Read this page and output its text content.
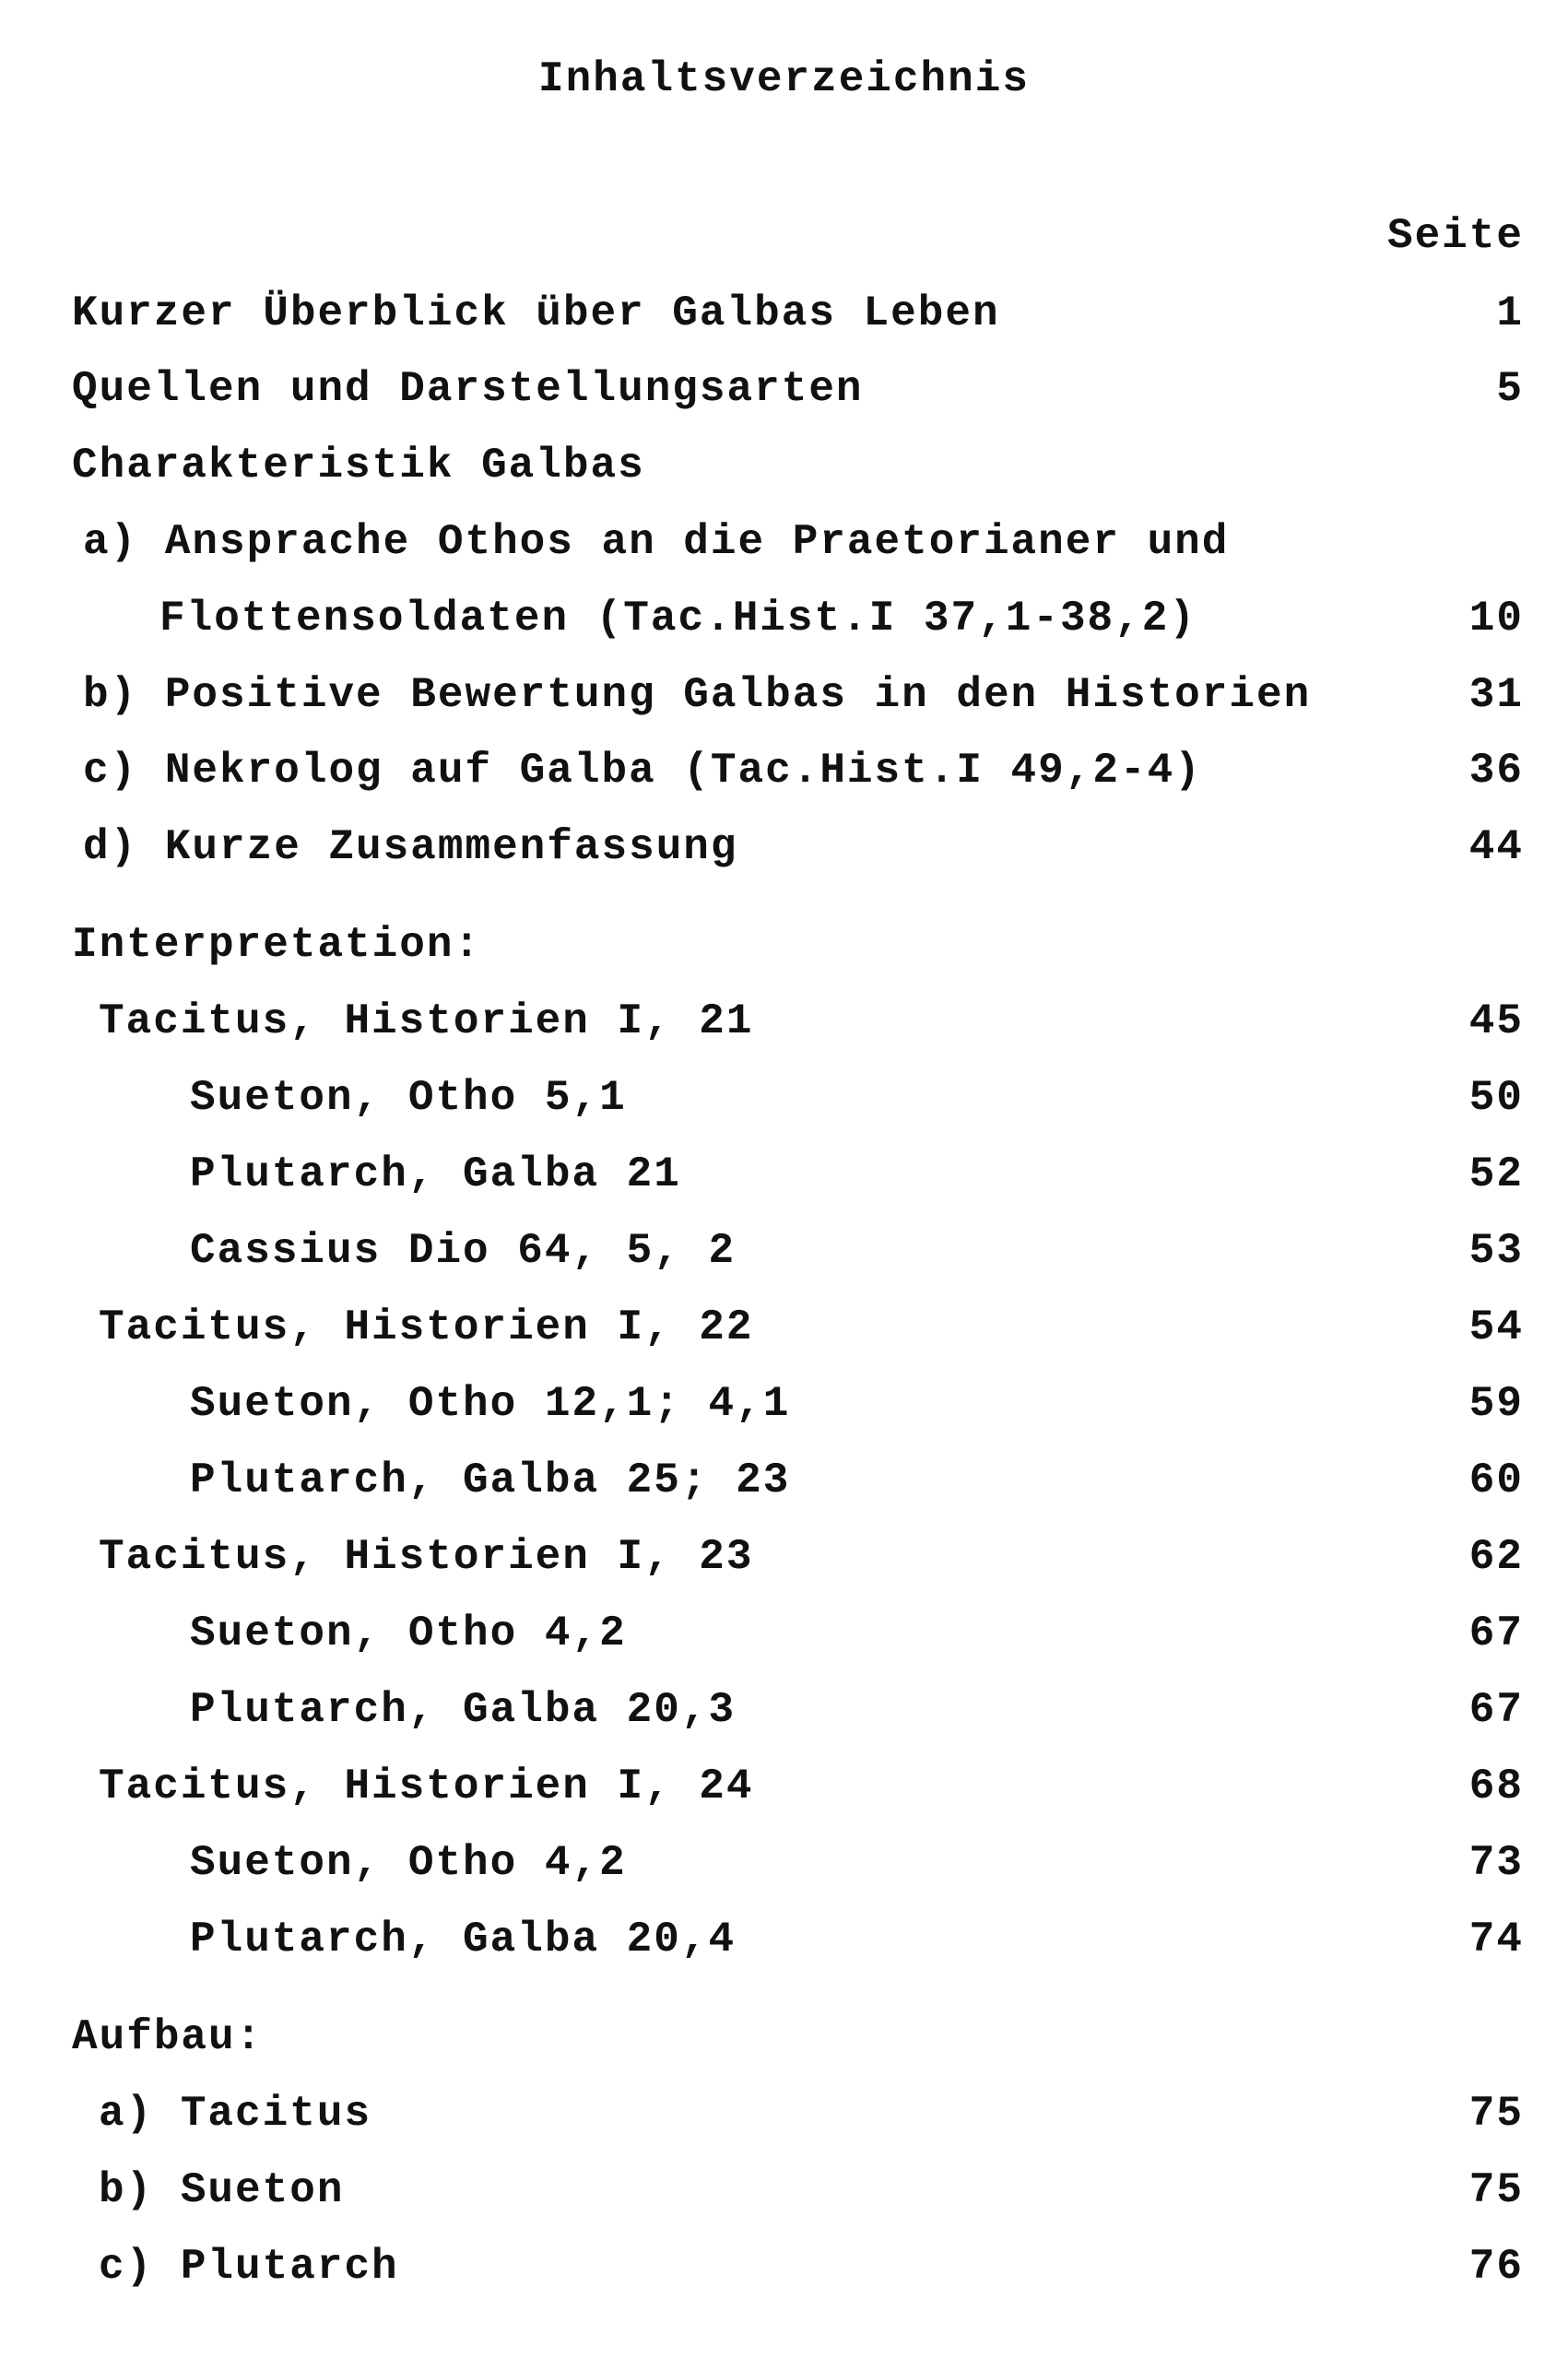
Inhaltsverzeichnis
Seite
Kurzer Überblick über Galbas Leben	1
Quellen und Darstellungsarten	5
Charakteristik Galbas
a) Ansprache Othos an die Praetorianer und
Flottensoldaten (Tac.Hist.I 37,1-38,2)	10
b) Positive Bewertung Galbas in den Historien	31
c) Nekrolog auf Galba (Tac.Hist.I 49,2-4)	36
d) Kurze Zusammenfassung	44
Interpretation:
Tacitus, Historien I, 21	45
Sueton, Otho 5,1	50
Plutarch, Galba 21	52
Cassius Dio 64, 5, 2	53
Tacitus, Historien I, 22	54
Sueton, Otho 12,1; 4,1	59
Plutarch, Galba 25; 23	60
Tacitus, Historien I, 23	62
Sueton, Otho 4,2	67
Plutarch, Galba 20,3	67
Tacitus, Historien I, 24	68
Sueton, Otho 4,2	73
Plutarch, Galba 20,4	74
Aufbau:
a) Tacitus	75
b) Sueton	75
c) Plutarch	76
